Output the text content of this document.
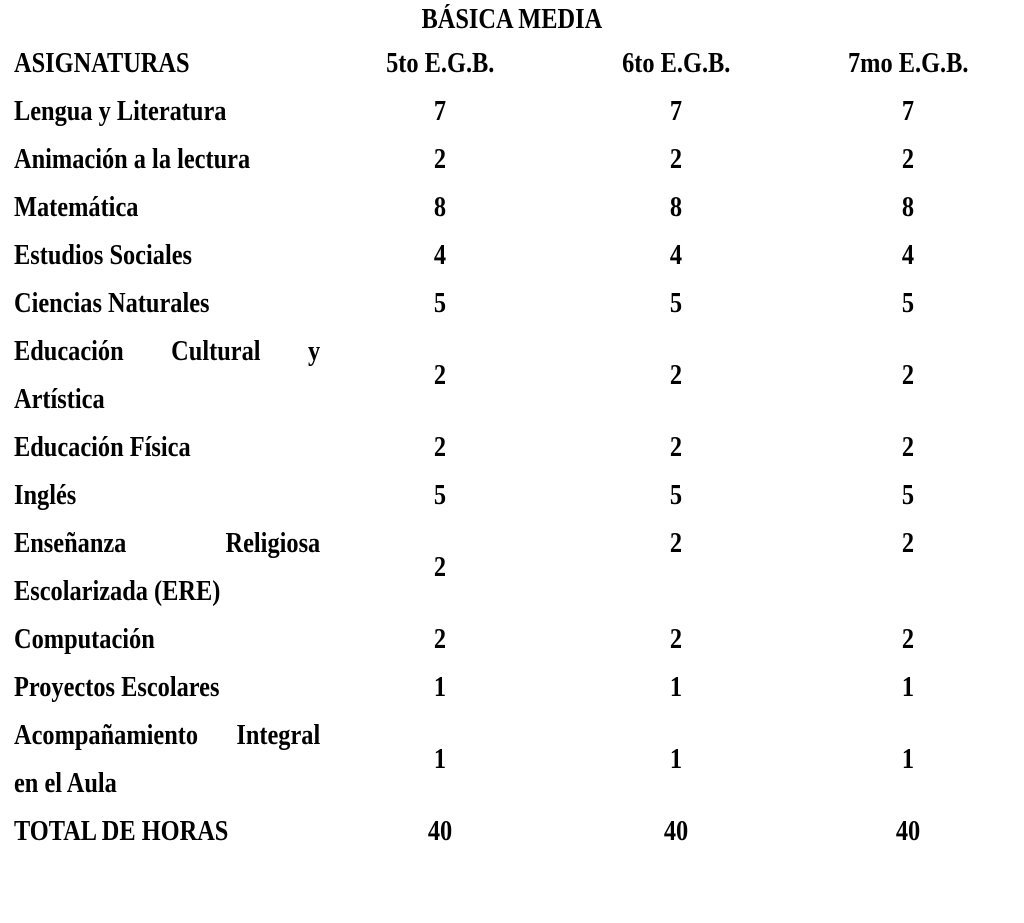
BÁSICA MEDIA
ASIGNATURAS	5to E.G.B.	6to E.G.B.	7mo E.G.B.
Lengua y Literatura	7	7	7
Animación a la lectura	2	2	2
Matemática	8	8	8
Estudios Sociales	4	4	4
Ciencias Naturales	5	5	5

Educación Cultural y
Artística	2	2	2
Educación Física	2	2	2
Inglés	5	5	5

Enseñanza Religiosa
Escolarizada (ERE)	2	2	2
Computación	2	2	2
Proyectos Escolares	1	1	1

Acompañamiento Integral
en el Aula	1	1	1
TOTAL DE HORAS	40	40	40
